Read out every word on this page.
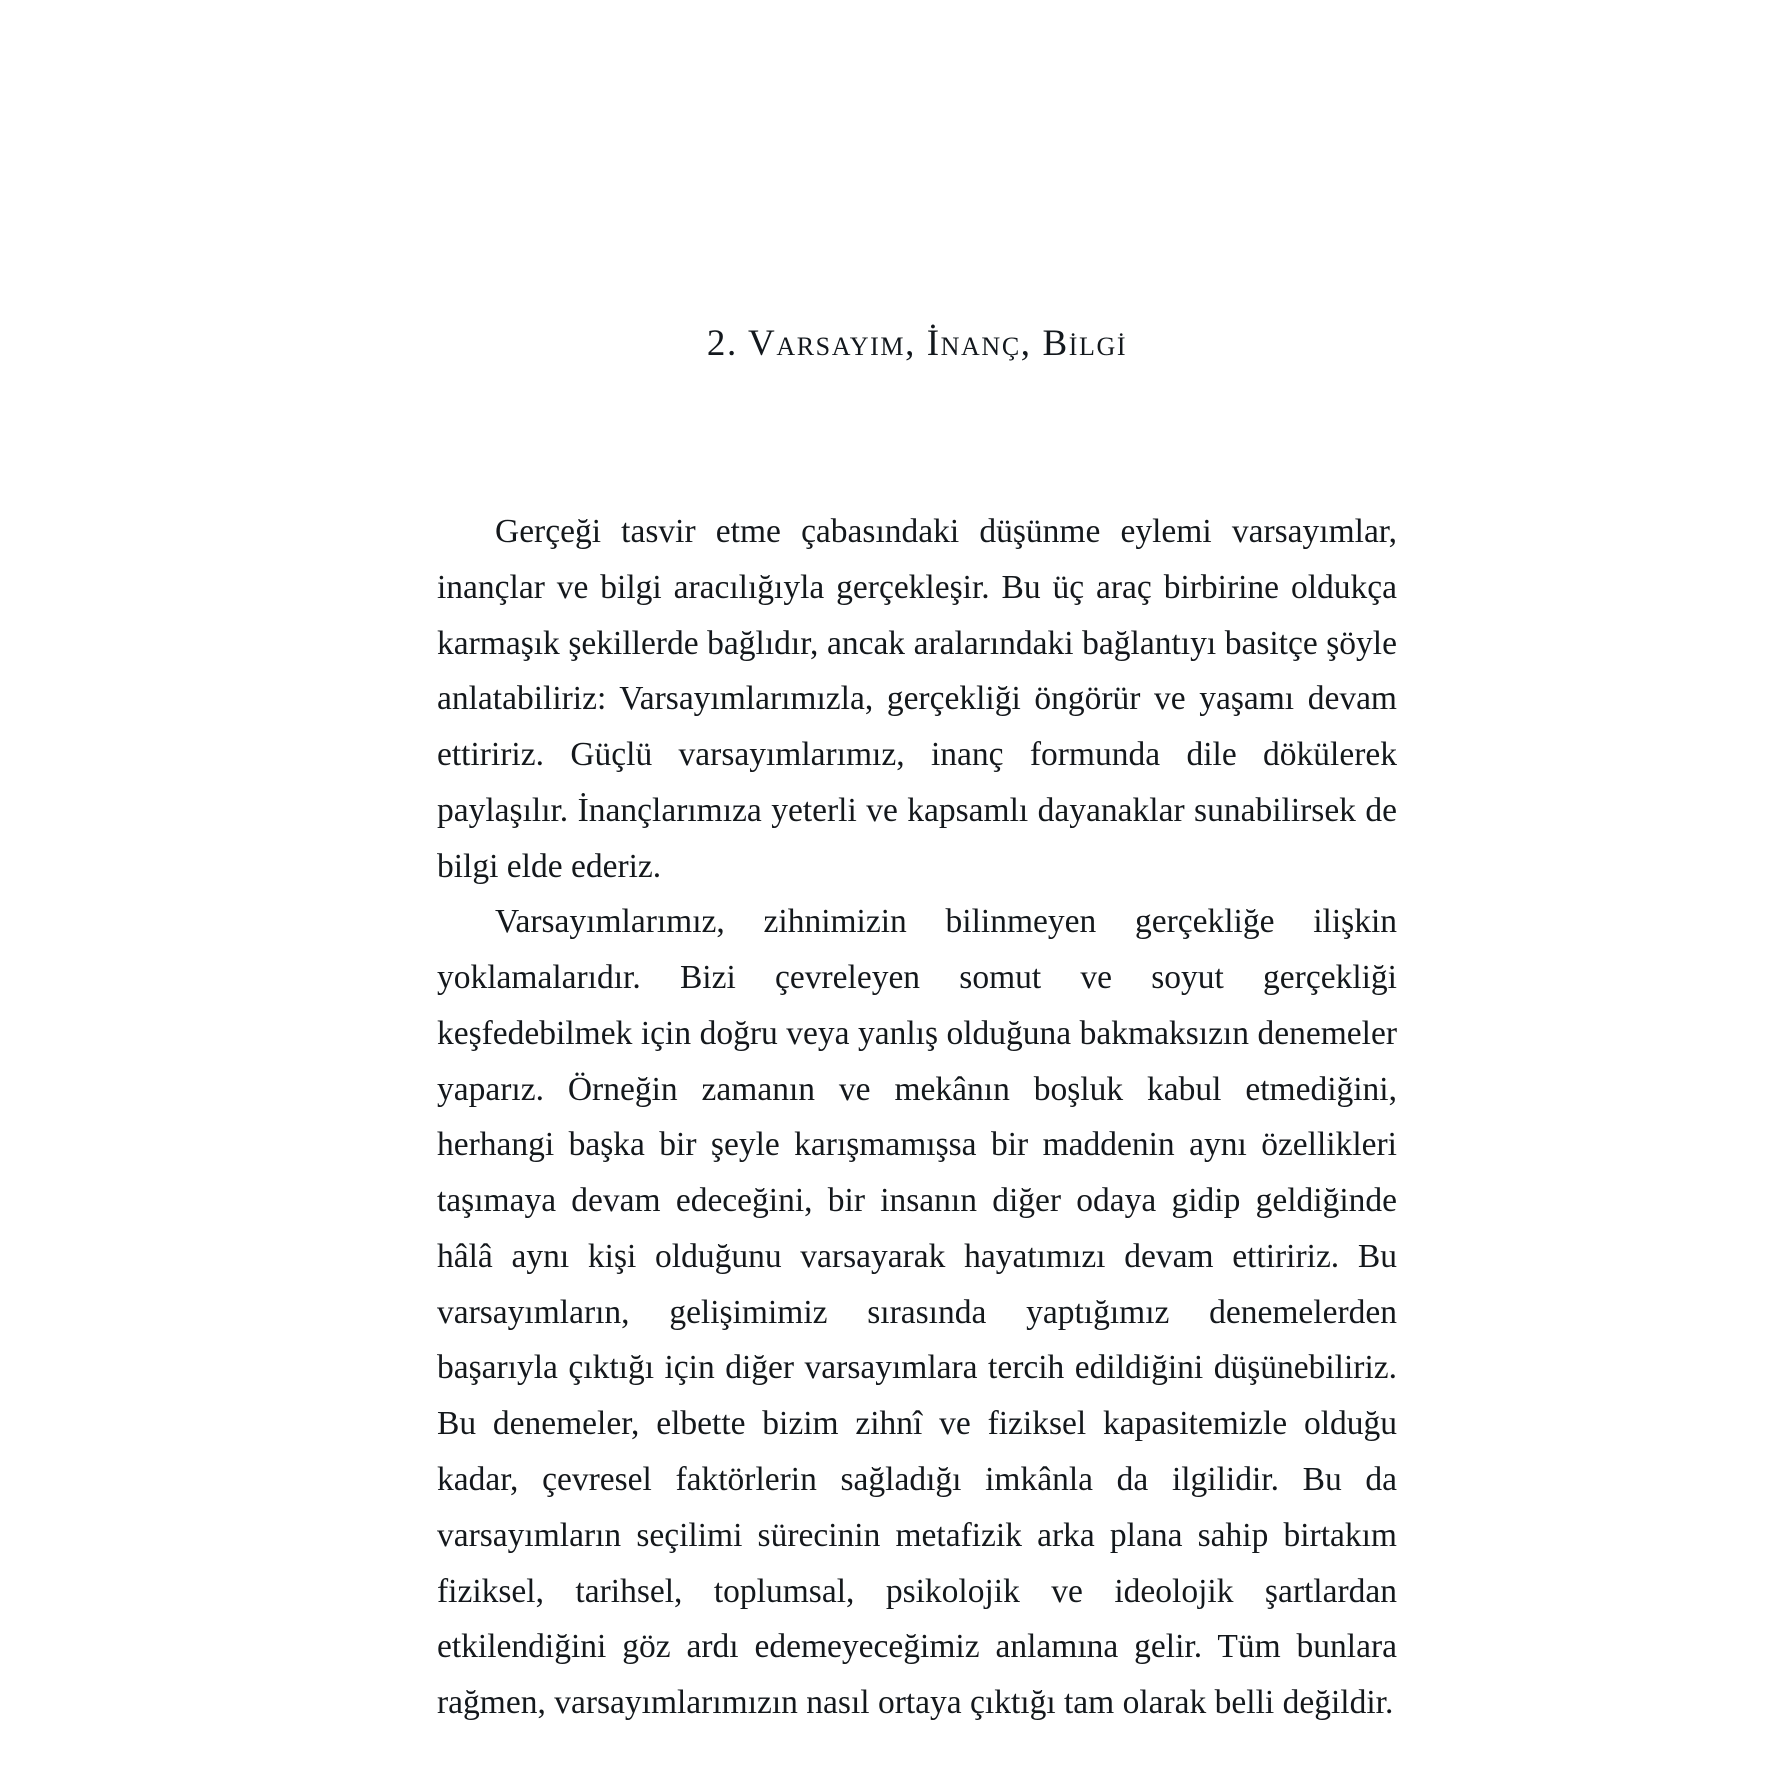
2. Varsayım, İnanç, Bilgi

Gerçeği tasvir etme çabasındaki düşünme eylemi varsayımlar, inançlar ve bilgi aracılığıyla gerçekleşir. Bu üç araç birbirine oldukça karmaşık şekillerde bağlıdır, ancak aralarındaki bağlantıyı basitçe şöyle anlatabiliriz: Varsayımlarımızla, gerçekliği öngörür ve yaşamı devam ettiririz. Güçlü varsayımlarımız, inanç formunda dile dökülerek paylaşılır. İnançlarımıza yeterli ve kapsamlı dayanaklar sunabilirsek de bilgi elde ederiz.

Varsayımlarımız, zihnimizin bilinmeyen gerçekliğe ilişkin yoklamalarıdır. Bizi çevreleyen somut ve soyut gerçekliği keşfedebilmek için doğru veya yanlış olduğuna bakmaksızın denemeler yaparız. Örneğin zamanın ve mekânın boşluk kabul etmediğini, herhangi başka bir şeyle karışmamışsa bir maddenin aynı özellikleri taşımaya devam edeceğini, bir insanın diğer odaya gidip geldiğinde hâlâ aynı kişi olduğunu varsayarak hayatımızı devam ettiririz. Bu varsayımların, gelişimimiz sırasında yaptığımız denemelerden başarıyla çıktığı için diğer varsayımlara tercih edildiğini düşünebiliriz. Bu denemeler, elbette bizim zihnî ve fiziksel kapasitemizle olduğu kadar, çevresel faktörlerin sağladığı imkânla da ilgilidir. Bu da varsayımların seçilimi sürecinin metafizik arka plana sahip birtakım fiziksel, tarihsel, toplumsal, psikolojik ve ideolojik şartlardan etkilendiğini göz ardı edemeyeceğimiz anlamına gelir. Tüm bunlara rağmen, varsayımlarımızın nasıl ortaya çıktığı tam olarak belli değildir.
